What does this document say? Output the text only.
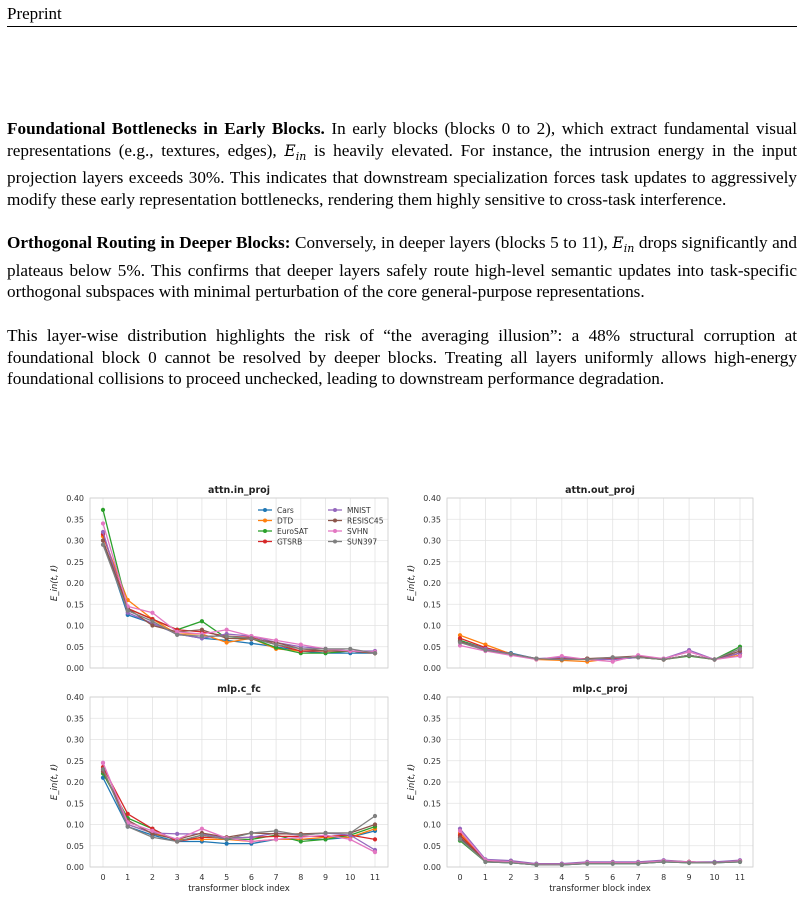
Preprint
Foundational Bottlenecks in Early Blocks. In early blocks (blocks 0 to 2), which extract fundamental visual representations (e.g., textures, edges), $E_{in}$ is heavily elevated. For instance, the intrusion energy in the input projection layers exceeds 30%. This indicates that downstream specialization forces task updates to aggressively modify these early representation bottlenecks, rendering them highly sensitive to cross-task interference.
Orthogonal Routing in Deeper Blocks: Conversely, in deeper layers (blocks 5 to 11), $E_{in}$ drops significantly and plateaus below 5%. This confirms that deeper layers safely route high-level semantic updates into task-specific orthogonal subspaces with minimal perturbation of the core general-purpose representations.
This layer-wise distribution highlights the risk of “the averaging illusion”: a 48% structural corruption at foundational block 0 cannot be resolved by deeper blocks. Treating all layers uniformly allows high-energy foundational collisions to proceed unchecked, leading to downstream performance degradation.
0.00
0.05
0.10
0.15
0.20
0.25
0.30
0.35
0.40
attn.in_proj
E_in(t, ℓ)
0.00
0.05
0.10
0.15
0.20
0.25
0.30
0.35
0.40
attn.out_proj
E_in(t, ℓ)
0.00
0.05
0.10
0.15
0.20
0.25
0.30
0.35
0.40
0 1 2 3 4 5 6 7 8 9 10 11
mlp.c_fc
E_in(t, ℓ)
transformer block index
0.00
0.05
0.10
0.15
0.20
0.25
0.30
0.35
0.40
0	1	2	3	4	5	6	7	8	9 10 11
mlp.c_proj
E_in(t, ℓ)
transformer block index
Cars
DTD
EuroSAT
GTSRB
MNIST
RESISC45
SVHN
SUN397
